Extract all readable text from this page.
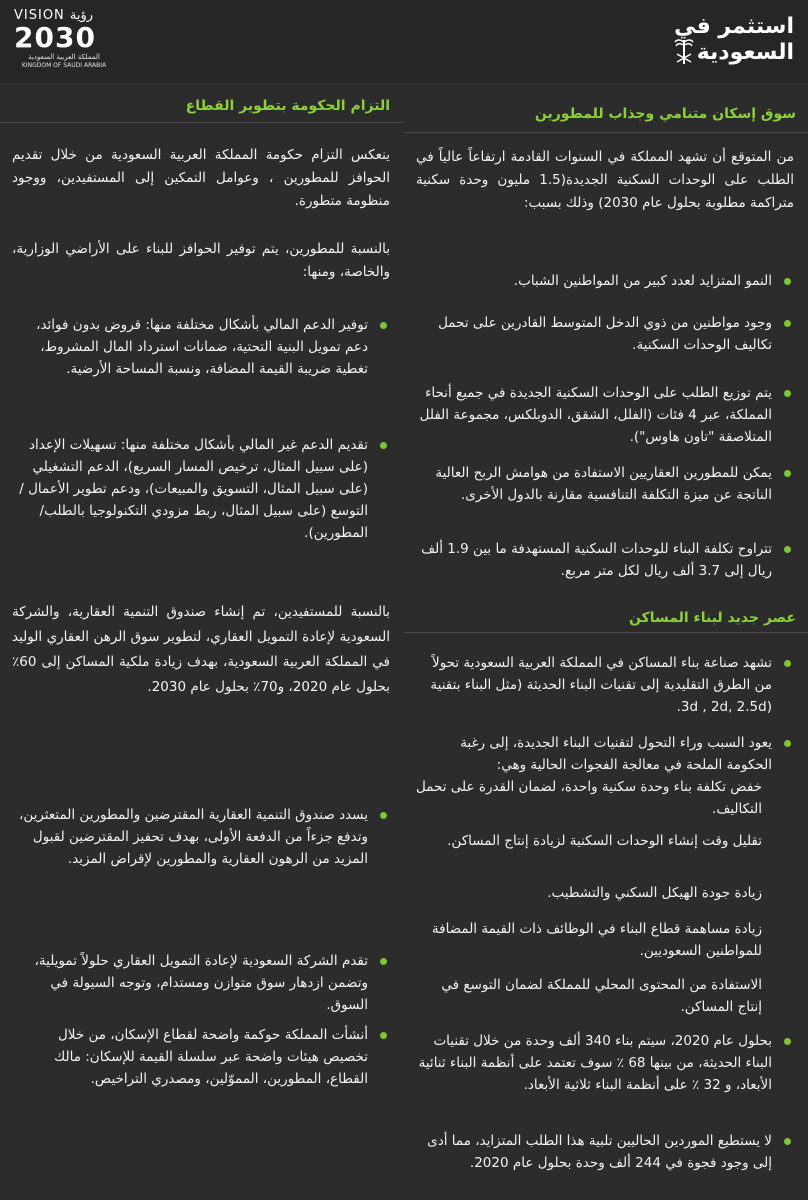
استثمر في
السعودية
VISION رؤية
2030
المملكة العربية السعودية
KINGDOM OF SAUDI ARABIA
سوق إسكان متنامي وجذاب للمطورين
من المتوقع أن تشهد المملكة في السنوات القادمة ارتفاعاً عالياً في الطلب على الوحدات السكنية الجديدة(1.5 مليون وحدة سكنية متراكمة مطلوبة بحلول عام 2030) وذلك بسبب:
النمو المتزايد لعدد كبير من المواطنين الشباب.
وجود مواطنين من ذوي الدخل المتوسط القادرين على تحمل تكاليف الوحدات السكنية.
يتم توزيع الطلب على الوحدات السكنية الجديدة في جميع أنحاء المملكة، عبر 4 فئات (الفلل، الشقق، الدوبلكس، مجموعة الفلل المتلاصقة "تاون هاوس").
يمكن للمطورين العقاريين الاستفادة من هوامش الربح العالية الناتجة عن ميزة التكلفة التنافسية مقارنة بالدول الأخرى.
تتراوح تكلفة البناء للوحدات السكنية المستهدفة ما بين 1.9 ألف ريال إلى 3.7 ألف ريال لكل متر مربع.
عصر جديد لبناء المساكن
تشهد صناعة بناء المساكن في المملكة العربية السعودية تحولاً من الطرق التقليدية إلى تقنيات البناء الحديثة (مثل البناء بتقنية (3d , 2d, 2.5d.
يعود السبب وراء التحول لتقنيات البناء الجديدة، إلى رغبة الحكومة الملحة في معالجة الفجوات الحالية وهي:
خفض تكلفة بناء وحدة سكنية واحدة، لضمان القدرة على تحمل التكاليف.
تقليل وقت إنشاء الوحدات السكنية لزيادة إنتاج المساكن.
زيادة جودة الهيكل السكني والتشطيب.
زيادة مساهمة قطاع البناء في الوظائف ذات القيمة المضافة للمواطنين السعوديين.
الاستفادة من المحتوى المحلي للمملكة لضمان التوسع في إنتاج المساكن.
بحلول عام 2020، سيتم بناء 340 ألف وحدة من خلال تقنيات البناء الحديثة، من بينها 68 ٪ سوف تعتمد على أنظمة البناء ثنائية الأبعاد، و 32 ٪ على أنظمة البناء ثلاثية الأبعاد.
لا يستطيع الموردين الحاليين تلبية هذا الطلب المتزايد، مما أدى إلى وجود فجوة في 244 ألف وحدة بحلول عام 2020.
التزام الحكومة بتطوير القطاع
ينعكس التزام حكومة المملكة العربية السعودية من خلال تقديم الحوافز للمطورين ، وعوامل التمكين إلى المستفيدين، ووجود منظومة متطورة.
بالنسبة للمطورين، يتم توفير الحوافز للبناء على الأراضي الوزارية، والخاصة، ومنها:
توفير الدعم المالي بأشكال مختلفة منها: قروض بدون فوائد، دعم تمويل البنية التحتية، ضمانات استرداد المال المشروط، تغطية ضريبة القيمة المضافة، ونسبة المساحة الأرضية.
تقديم الدعم غير المالي بأشكال مختلفة منها: تسهيلات الإعداد (على سبيل المثال، ترخيص المسار السريع)، الدعم التشغيلي (على سبيل المثال، التسويق والمبيعات)، ودعم تطوير الأعمال / التوسع (على سبيل المثال، ربط مزودي التكنولوجيا بالطلب/ المطورين).
بالنسبة للمستفيدين، تم إنشاء صندوق التنمية العقارية، والشركة السعودية لإعادة التمويل العقاري، لتطوير سوق الرهن العقاري الوليد في المملكة العربية السعودية، بهدف زيادة ملكية المساكن إلى 60٪ بحلول عام 2020، و70٪ بحلول عام 2030.
يسدد صندوق التنمية العقارية المقترضين والمطورين المتعثرين، وتدفع جزءاً من الدفعة الأولى، بهدف تحفيز المقترضين لقبول المزيد من الرهون العقارية والمطورين لإقراض المزيد.
تقدم الشركة السعودية لإعادة التمويل العقاري حلولاً تمويلية، وتضمن ازدهار سوق متوازن ومستدام، وتوجه السيولة في السوق.
أنشأت المملكة حوكمة واضحة لقطاع الإسكان، من خلال تخصيص هيئات واضحة عبر سلسلة القيمة للإسكان: مالك القطاع، المطورين، المموّلين، ومصدري التراخيص.
